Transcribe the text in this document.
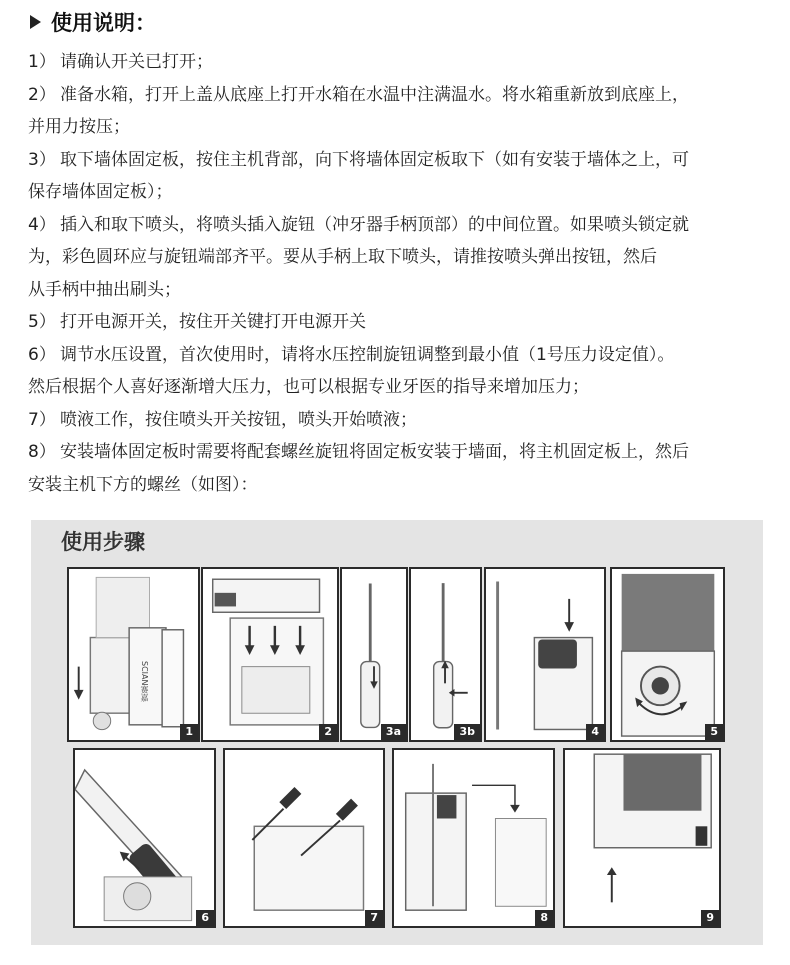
使用说明：
1） 请确认开关已打开；
2） 准备水箱，打开上盖从底座上打开水箱在水温中注满温水。将水箱重新放到底座上，
并用力按压；
3） 取下墙体固定板，按住主机背部，向下将墙体固定板取下（如有安装于墙体之上，可
保存墙体固定板）；
4） 插入和取下喷头，将喷头插入旋钮（冲牙器手柄顶部）的中间位置。如果喷头锁定就
为，彩色圆环应与旋钮端部齐平。要从手柄上取下喷头，请推按喷头弹出按钮，然后
从手柄中抽出刷头；
5） 打开电源开关，按住开关键打开电源开关
6） 调节水压设置，首次使用时，请将水压控制旋钮调整到最小值（1号压力设定值）。
然后根据个人喜好逐渐增大压力，也可以根据专业牙医的指导来增加压力；
7） 喷液工作，按住喷头开关按钮，喷头开始喷液；
8） 安装墙体固定板时需要将配套螺丝旋钮将固定板安装于墙面，将主机固定板上，然后
安装主机下方的螺丝（如图）：
使用步骤
SCIAN赛嘉
1	2	3a	3b	4	5
6	7	8	9
